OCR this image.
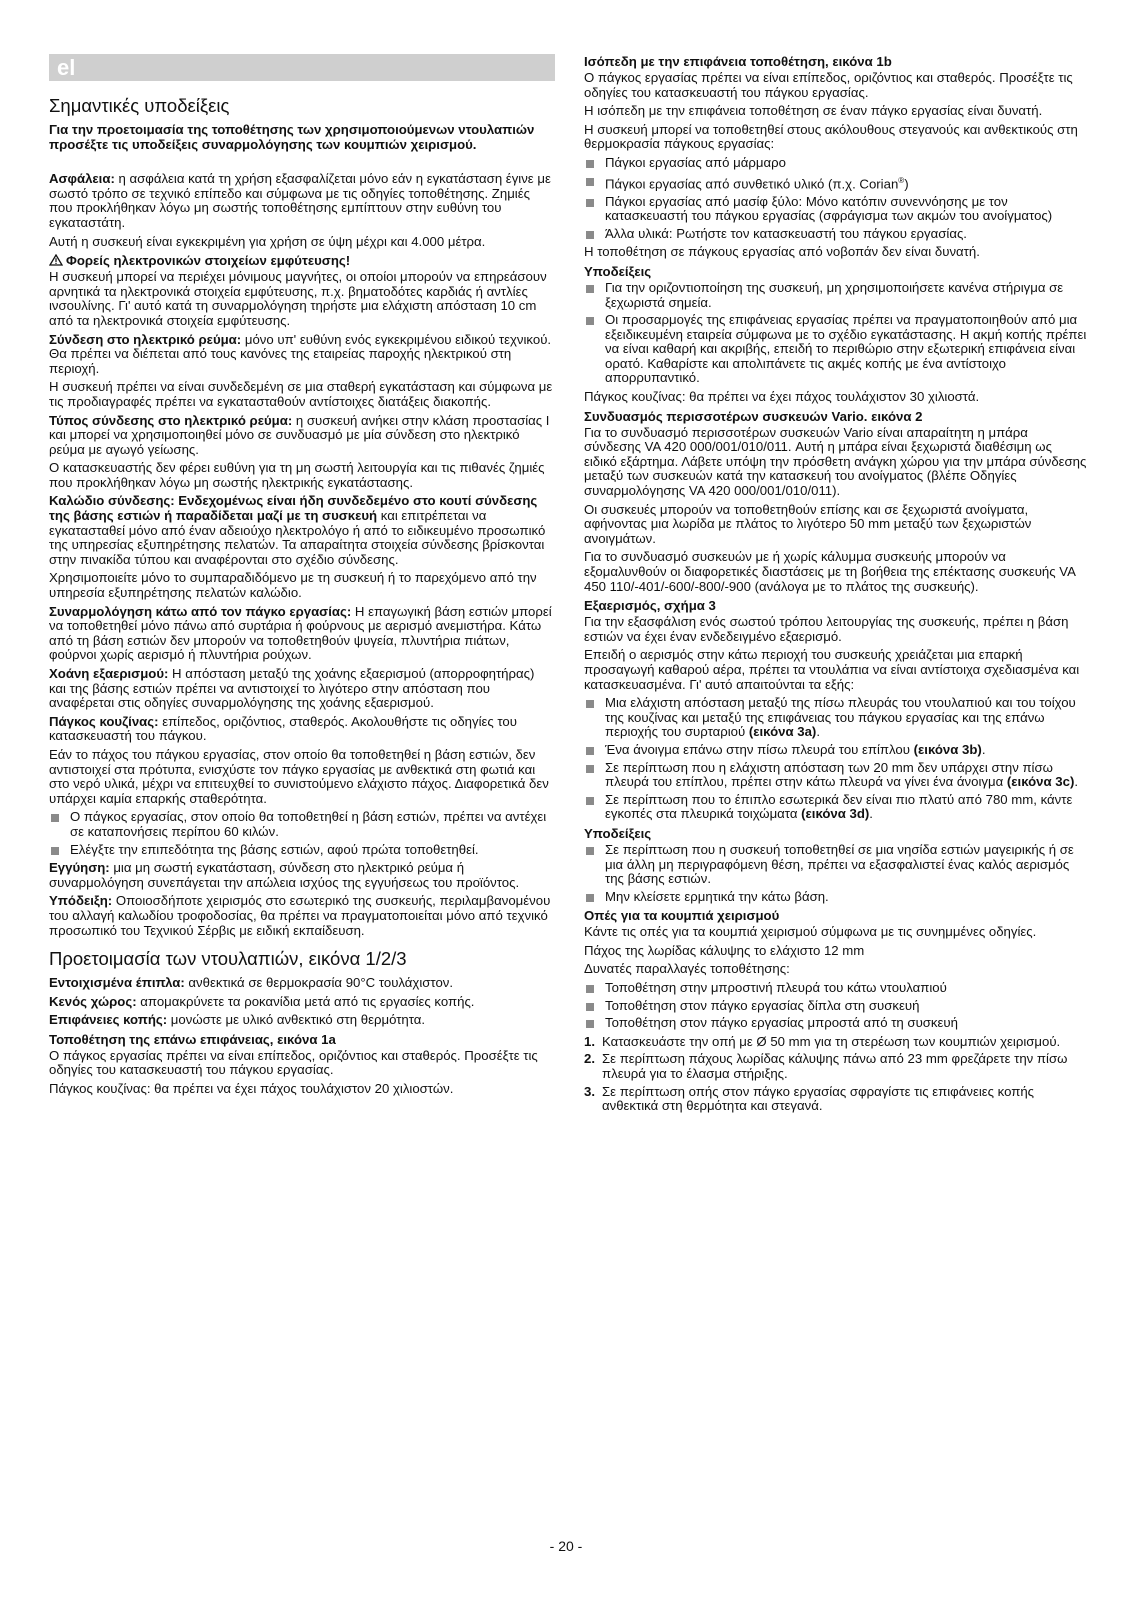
el
Σημαντικές υποδείξεις

Για την προετοιμασία της τοποθέτησης των χρησιμοποιούμενων ντουλαπιών προσέξτε τις υποδείξεις συναρμολόγησης των κουμπιών χειρισμού.

Ασφάλεια: η ασφάλεια κατά τη χρήση εξασφαλίζεται μόνο εάν η εγκατάσταση έγινε με σωστό τρόπο σε τεχνικό επίπεδο και σύμφωνα με τις οδηγίες τοποθέτησης. Ζημιές που προκλήθηκαν λόγω μη σωστής τοποθέτησης εμπίπτουν στην ευθύνη του εγκαταστάτη.

Αυτή η συσκευή είναι εγκεκριμένη για χρήση σε ύψη μέχρι και 4.000 μέτρα.

Φορείς ηλεκτρονικών στοιχείων εμφύτευσης!

Η συσκευή μπορεί να περιέχει μόνιμους μαγνήτες, οι οποίοι μπορούν να επηρεάσουν αρνητικά τα ηλεκτρονικά στοιχεία εμφύτευσης, π.χ. βηματοδότες καρδιάς ή αντλίες ινσουλίνης. Γι' αυτό κατά τη συναρμολόγηση τηρήστε μια ελάχιστη απόσταση 10 cm από τα ηλεκτρονικά στοιχεία εμφύτευσης.

Σύνδεση στο ηλεκτρικό ρεύμα: μόνο υπ' ευθύνη ενός εγκεκριμένου ειδικού τεχνικού. Θα πρέπει να διέπεται από τους κανόνες της εταιρείας παροχής ηλεκτρικού στη περιοχή.

Η συσκευή πρέπει να είναι συνδεδεμένη σε μια σταθερή εγκατάσταση και σύμφωνα με τις προδιαγραφές πρέπει να εγκατασταθούν αντίστοιχες διατάξεις διακοπής.

Τύπος σύνδεσης στο ηλεκτρικό ρεύμα: η συσκευή ανήκει στην κλάση προστασίας I και μπορεί να χρησιμοποιηθεί μόνο σε συνδυασμό με μία σύνδεση στο ηλεκτρικό ρεύμα με αγωγό γείωσης.

Ο κατασκευαστής δεν φέρει ευθύνη για τη μη σωστή λειτουργία και τις πιθανές ζημιές που προκλήθηκαν λόγω μη σωστής ηλεκτρικής εγκατάστασης.

Καλώδιο σύνδεσης: Ενδεχομένως είναι ήδη συνδεδεμένο στο κουτί σύνδεσης της βάσης εστιών ή παραδίδεται μαζί με τη συσκευή και επιτρέπεται να εγκατασταθεί μόνο από έναν αδειούχο ηλεκτρολόγο ή από το ειδικευμένο προσωπικό της υπηρεσίας εξυπηρέτησης πελατών. Τα απαραίτητα στοιχεία σύνδεσης βρίσκονται στην πινακίδα τύπου και αναφέρονται στο σχέδιο σύνδεσης.

Χρησιμοποιείτε μόνο το συμπαραδιδόμενο με τη συσκευή ή το παρεχόμενο από την υπηρεσία εξυπηρέτησης πελατών καλώδιο.

Συναρμολόγηση κάτω από τον πάγκο εργασίας: Η επαγωγική βάση εστιών μπορεί να τοποθετηθεί μόνο πάνω από συρτάρια ή φούρνους με αερισμό ανεμιστήρα. Κάτω από τη βάση εστιών δεν μπορούν να τοποθετηθούν ψυγεία, πλυντήρια πιάτων, φούρνοι χωρίς αερισμό ή πλυντήρια ρούχων.

Χοάνη εξαερισμού: Η απόσταση μεταξύ της χοάνης εξαερισμού (απορροφητήρας) και της βάσης εστιών πρέπει να αντιστοιχεί το λιγότερο στην απόσταση που αναφέρεται στις οδηγίες συναρμολόγησης της χοάνης εξαερισμού.

Πάγκος κουζίνας: επίπεδος, οριζόντιος, σταθερός. Ακολουθήστε τις οδηγίες του κατασκευαστή του πάγκου.

Εάν το πάχος του πάγκου εργασίας, στον οποίο θα τοποθετηθεί η βάση εστιών, δεν αντιστοιχεί στα πρότυπα, ενισχύστε τον πάγκο εργασίας με ανθεκτικά στη φωτιά και στο νερό υλικά, μέχρι να επιτευχθεί το συνιστούμενο ελάχιστο πάχος. Διαφορετικά δεν υπάρχει καμία επαρκής σταθερότητα.

Ο πάγκος εργασίας, στον οποίο θα τοποθετηθεί η βάση εστιών, πρέπει να αντέχει σε καταπονήσεις περίπου 60 κιλών.
Ελέγξτε την επιπεδότητα της βάσης εστιών, αφού πρώτα τοποθετηθεί.

Εγγύηση: μια μη σωστή εγκατάσταση, σύνδεση στο ηλεκτρικό ρεύμα ή συναρμολόγηση συνεπάγεται την απώλεια ισχύος της εγγυήσεως του προϊόντος.

Υπόδειξη: Οποιοσδήποτε χειρισμός στο εσωτερικό της συσκευής, περιλαμβανομένου του αλλαγή καλωδίου τροφοδοσίας, θα πρέπει να πραγματοποιείται μόνο από τεχνικό προσωπικό του Τεχνικού Σέρβις με ειδική εκπαίδευση.

Προετοιμασία των ντουλαπιών, εικόνα 1/2/3

Εντοιχισμένα έπιπλα: ανθεκτικά σε θερμοκρασία 90°C τουλάχιστον.

Κενός χώρος: απομακρύνετε τα ροκανίδια μετά από τις εργασίες κοπής.

Επιφάνειες κοπής: μονώστε με υλικό ανθεκτικό στη θερμότητα.

Τοποθέτηση της επάνω επιφάνειας, εικόνα 1a

Ο πάγκος εργασίας πρέπει να είναι επίπεδος, οριζόντιος και σταθερός. Προσέξτε τις οδηγίες του κατασκευαστή του πάγκου εργασίας.

Πάγκος κουζίνας: θα πρέπει να έχει πάχος τουλάχιστον 20 χιλιοστών.

Ισόπεδη με την επιφάνεια τοποθέτηση, εικόνα 1b

Ο πάγκος εργασίας πρέπει να είναι επίπεδος, οριζόντιος και σταθερός. Προσέξτε τις οδηγίες του κατασκευαστή του πάγκου εργασίας.

Η ισόπεδη με την επιφάνεια τοποθέτηση σε έναν πάγκο εργασίας είναι δυνατή.

Η συσκευή μπορεί να τοποθετηθεί στους ακόλουθους στεγανούς και ανθεκτικούς στη θερμοκρασία πάγκους εργασίας:

Πάγκοι εργασίας από μάρμαρο
Πάγκοι εργασίας από συνθετικό υλικό (π.χ. Corian®)
Πάγκοι εργασίας από μασίφ ξύλο: Μόνο κατόπιν συνεννόησης με τον κατασκευαστή του πάγκου εργασίας (σφράγισμα των ακμών του ανοίγματος)
Άλλα υλικά: Ρωτήστε τον κατασκευαστή του πάγκου εργασίας.

Η τοποθέτηση σε πάγκους εργασίας από νοβοπάν δεν είναι δυνατή.

Υποδείξεις
Για την οριζοντιοποίηση της συσκευή, μη χρησιμοποιήσετε κανένα στήριγμα σε ξεχωριστά σημεία.
Οι προσαρμογές της επιφάνειας εργασίας πρέπει να πραγματοποιηθούν από μια εξειδικευμένη εταιρεία σύμφωνα με το σχέδιο εγκατάστασης. Η ακμή κοπής πρέπει να είναι καθαρή και ακριβής, επειδή το περιθώριο στην εξωτερική επιφάνεια είναι ορατό. Καθαρίστε και απολιπάνετε τις ακμές κοπής με ένα αντίστοιχο απορρυπαντικό.

Πάγκος κουζίνας: θα πρέπει να έχει πάχος τουλάχιστον 30 χιλιοστά.

Συνδυασμός περισσοτέρων συσκευών Vario. εικόνα 2

Για το συνδυασμό περισσοτέρων συσκευών Vario είναι απαραίτητη η μπάρα σύνδεσης VA 420 000/001/010/011. Αυτή η μπάρα είναι ξεχωριστά διαθέσιμη ως ειδικό εξάρτημα. Λάβετε υπόψη την πρόσθετη ανάγκη χώρου για την μπάρα σύνδεσης μεταξύ των συσκευών κατά την κατασκευή του ανοίγματος (βλέπε Οδηγίες συναρμολόγησης VA 420 000/001/010/011).

Οι συσκευές μπορούν να τοποθετηθούν επίσης και σε ξεχωριστά ανοίγματα, αφήνοντας μια λωρίδα με πλάτος το λιγότερο 50 mm μεταξύ των ξεχωριστών ανοιγμάτων.

Για το συνδυασμό συσκευών με ή χωρίς κάλυμμα συσκευής μπορούν να εξομαλυνθούν οι διαφορετικές διαστάσεις με τη βοήθεια της επέκτασης συσκευής VA 450 110/-401/-600/-800/-900 (ανάλογα με το πλάτος της συσκευής).

Εξαερισμός, σχήμα 3

Για την εξασφάλιση ενός σωστού τρόπου λειτουργίας της συσκευής, πρέπει η βάση εστιών να έχει έναν ενδεδειγμένο εξαερισμό.

Επειδή ο αερισμός στην κάτω περιοχή του συσκευής χρειάζεται μια επαρκή προσαγωγή καθαρού αέρα, πρέπει τα ντουλάπια να είναι αντίστοιχα σχεδιασμένα και κατασκευασμένα. Γι' αυτό απαιτούνται τα εξής:

Μια ελάχιστη απόσταση μεταξύ της πίσω πλευράς του ντουλαπιού και του τοίχου της κουζίνας και μεταξύ της επιφάνειας του πάγκου εργασίας και της επάνω περιοχής του συρταριού (εικόνα 3a).
Ένα άνοιγμα επάνω στην πίσω πλευρά του επίπλου (εικόνα 3b).
Σε περίπτωση που η ελάχιστη απόσταση των 20 mm δεν υπάρχει στην πίσω πλευρά του επίπλου, πρέπει στην κάτω πλευρά να γίνει ένα άνοιγμα (εικόνα 3c).
Σε περίπτωση που το έπιπλο εσωτερικά δεν είναι πιο πλατύ από 780 mm, κάντε εγκοπές στα πλευρικά τοιχώματα (εικόνα 3d).
Υποδείξεις
Σε περίπτωση που η συσκευή τοποθετηθεί σε μια νησίδα εστιών μαγειρικής ή σε μια άλλη μη περιγραφόμενη θέση, πρέπει να εξασφαλιστεί ένας καλός αερισμός της βάσης εστιών.
Μην κλείσετε ερμητικά την κάτω βάση.
Οπές για τα κουμπιά χειρισμού

Κάντε τις οπές για τα κουμπιά χειρισμού σύμφωνα με τις συνημμένες οδηγίες.

Πάχος της λωρίδας κάλυψης το ελάχιστο 12 mm

Δυνατές παραλλαγές τοποθέτησης:

Τοποθέτηση στην μπροστινή πλευρά του κάτω ντουλαπιού
Τοποθέτηση στον πάγκο εργασίας δίπλα στη συσκευή
Τοποθέτηση στον πάγκο εργασίας μπροστά από τη συσκευή
1. Κατασκευάστε την οπή με Ø 50 mm για τη στερέωση των κουμπιών χειρισμού.
2. Σε περίπτωση πάχους λωρίδας κάλυψης πάνω από 23 mm φρεζάρετε την πίσω πλευρά για το έλασμα στήριξης.
3. Σε περίπτωση οπής στον πάγκο εργασίας σφραγίστε τις επιφάνειες κοπής ανθεκτικά στη θερμότητα και στεγανά.
- 20 -
